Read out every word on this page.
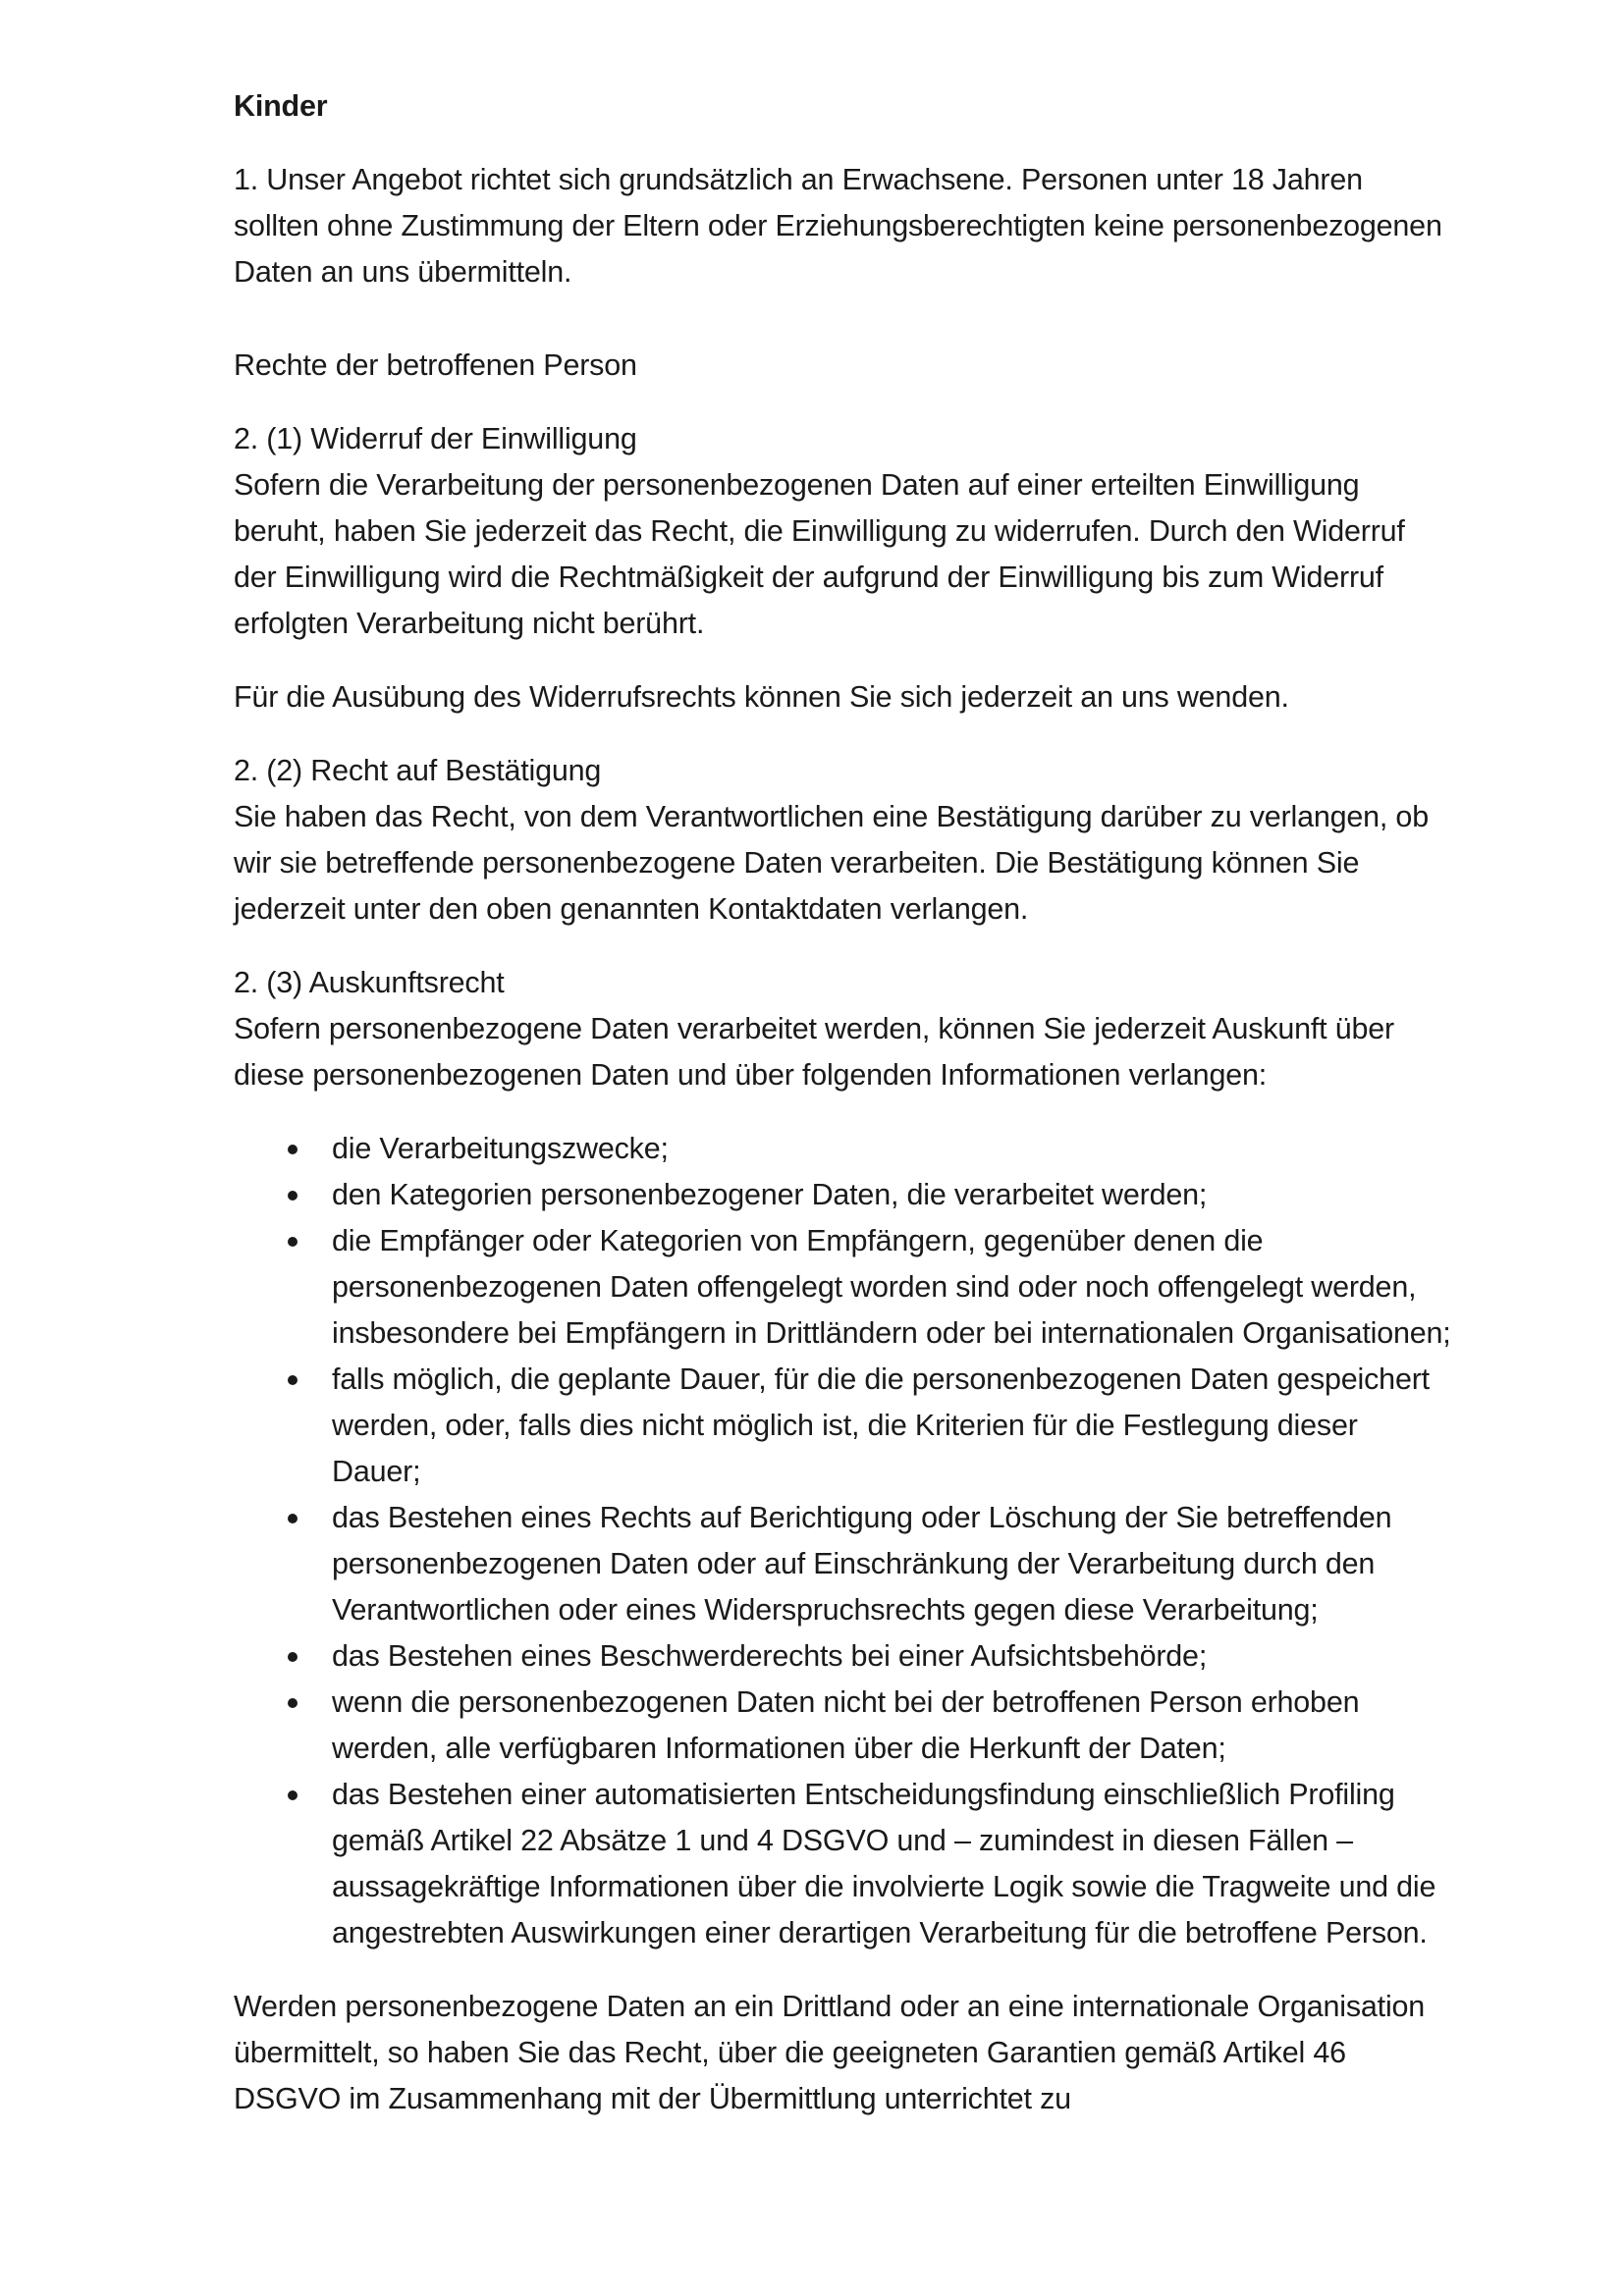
Kinder

1. Unser Angebot richtet sich grundsätzlich an Erwachsene. Personen unter 18 Jahren sollten ohne Zustimmung der Eltern oder Erziehungsberechtigten keine personenbezogenen Daten an uns übermitteln.

Rechte der betroffenen Person
2. (1) Widerruf der Einwilligung
Sofern die Verarbeitung der personenbezogenen Daten auf einer erteilten Einwilligung beruht, haben Sie jederzeit das Recht, die Einwilligung zu widerrufen. Durch den Widerruf der Einwilligung wird die Rechtmäßigkeit der aufgrund der Einwilligung bis zum Widerruf erfolgten Verarbeitung nicht berührt.

Für die Ausübung des Widerrufsrechts können Sie sich jederzeit an uns wenden.

2. (2) Recht auf Bestätigung
Sie haben das Recht, von dem Verantwortlichen eine Bestätigung darüber zu verlangen, ob wir sie betreffende personenbezogene Daten verarbeiten. Die Bestätigung können Sie jederzeit unter den oben genannten Kontaktdaten verlangen.
2. (3) Auskunftsrecht
Sofern personenbezogene Daten verarbeitet werden, können Sie jederzeit Auskunft über diese personenbezogenen Daten und über folgenden Informationen verlangen:
die Verarbeitungszwecke;
den Kategorien personenbezogener Daten, die verarbeitet werden;
die Empfänger oder Kategorien von Empfängern, gegenüber denen die personenbezogenen Daten offengelegt worden sind oder noch offengelegt werden, insbesondere bei Empfängern in Drittländern oder bei internationalen Organisationen;
falls möglich, die geplante Dauer, für die die personenbezogenen Daten gespeichert werden, oder, falls dies nicht möglich ist, die Kriterien für die Festlegung dieser Dauer;
das Bestehen eines Rechts auf Berichtigung oder Löschung der Sie betreffenden personenbezogenen Daten oder auf Einschränkung der Verarbeitung durch den Verantwortlichen oder eines Widerspruchsrechts gegen diese Verarbeitung;
das Bestehen eines Beschwerderechts bei einer Aufsichtsbehörde;
wenn die personenbezogenen Daten nicht bei der betroffenen Person erhoben werden, alle verfügbaren Informationen über die Herkunft der Daten;
das Bestehen einer automatisierten Entscheidungsfindung einschließlich Profiling gemäß Artikel 22 Absätze 1 und 4 DSGVO und – zumindest in diesen Fällen – aussagekräftige Informationen über die involvierte Logik sowie die Tragweite und die angestrebten Auswirkungen einer derartigen Verarbeitung für die betroffene Person.

Werden personenbezogene Daten an ein Drittland oder an eine internationale Organisation übermittelt, so haben Sie das Recht, über die geeigneten Garantien gemäß Artikel 46 DSGVO im Zusammenhang mit der Übermittlung unterrichtet zu
